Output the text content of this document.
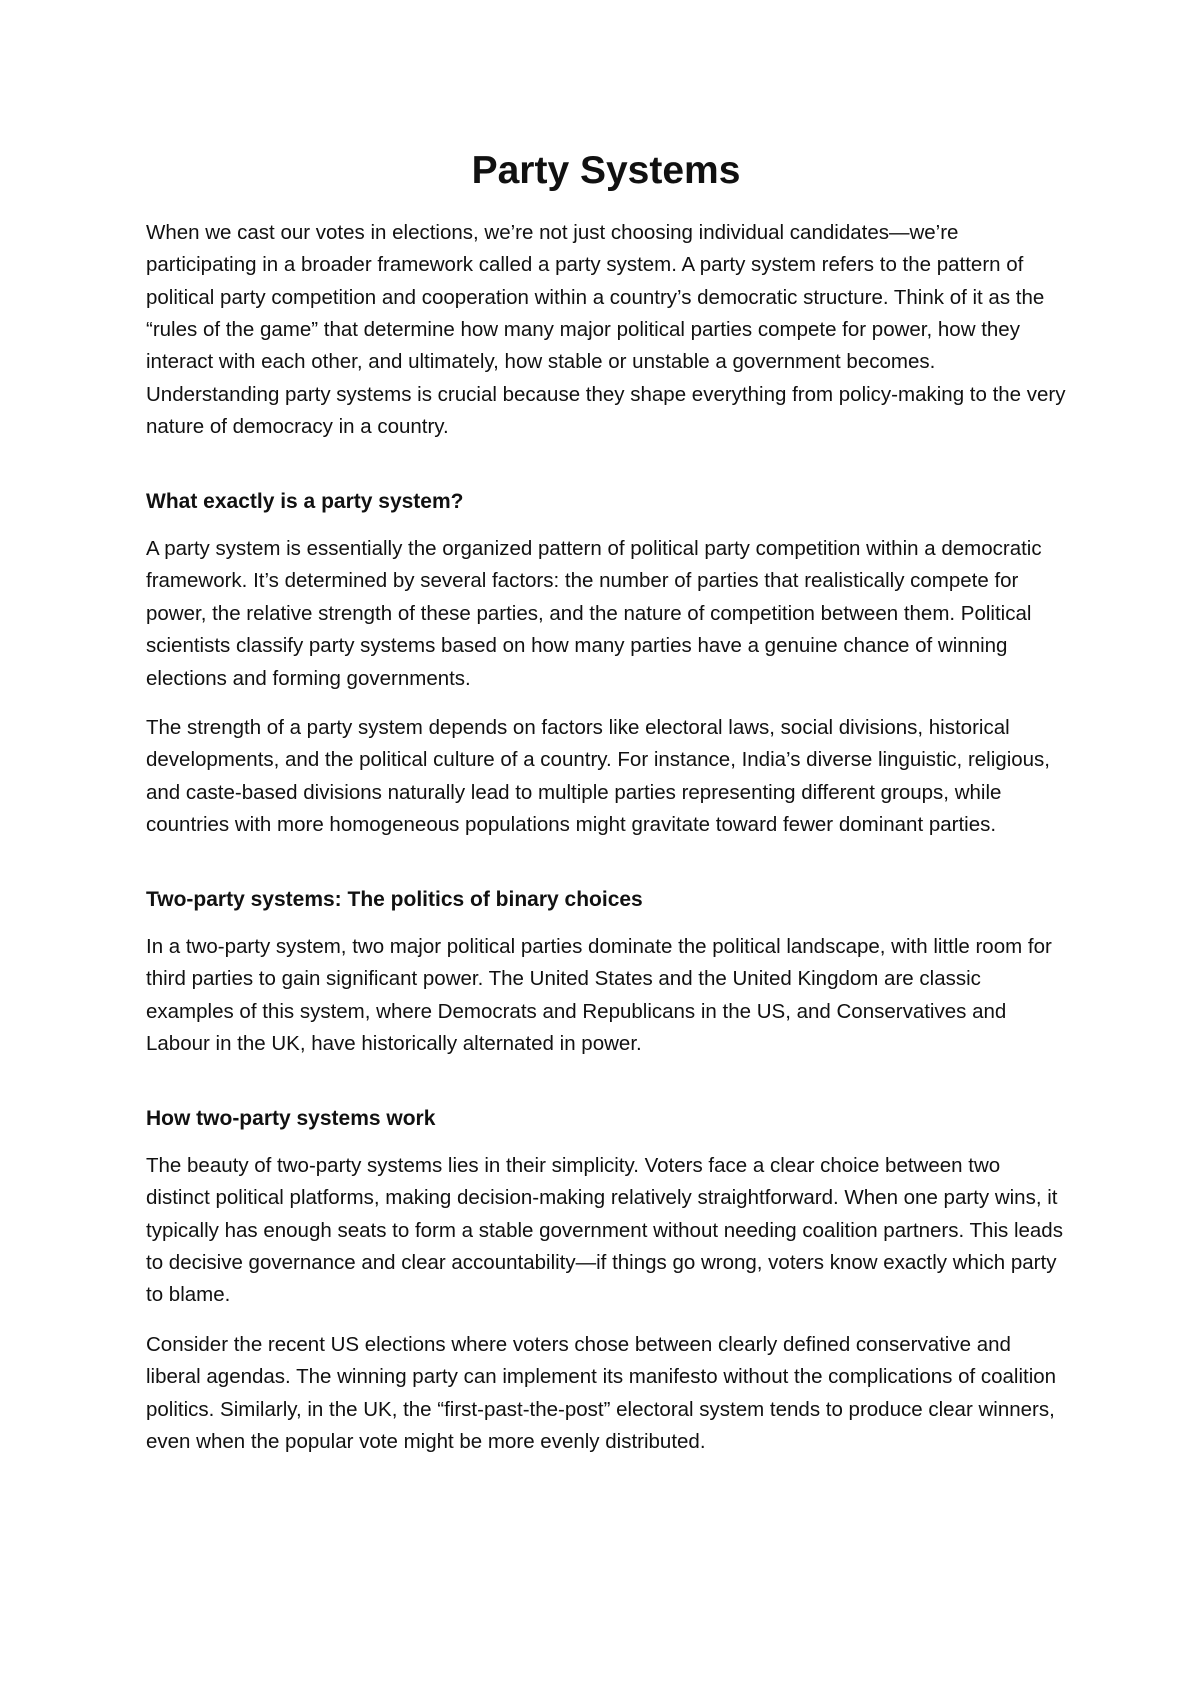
Party Systems

When we cast our votes in elections, we’re not just choosing individual candidates—we’re participating in a broader framework called a party system. A party system refers to the pattern of political party competition and cooperation within a country’s democratic structure. Think of it as the “rules of the game” that determine how many major political parties compete for power, how they interact with each other, and ultimately, how stable or unstable a government becomes. Understanding party systems is crucial because they shape everything from policy-making to the very nature of democracy in a country.

What exactly is a party system?

A party system is essentially the organized pattern of political party competition within a democratic framework. It’s determined by several factors: the number of parties that realistically compete for power, the relative strength of these parties, and the nature of competition between them. Political scientists classify party systems based on how many parties have a genuine chance of winning elections and forming governments.

The strength of a party system depends on factors like electoral laws, social divisions, historical developments, and the political culture of a country. For instance, India’s diverse linguistic, religious, and caste-based divisions naturally lead to multiple parties representing different groups, while countries with more homogeneous populations might gravitate toward fewer dominant parties.

Two-party systems: The politics of binary choices

In a two-party system, two major political parties dominate the political landscape, with little room for third parties to gain significant power. The United States and the United Kingdom are classic examples of this system, where Democrats and Republicans in the US, and Conservatives and Labour in the UK, have historically alternated in power.

How two-party systems work

The beauty of two-party systems lies in their simplicity. Voters face a clear choice between two distinct political platforms, making decision-making relatively straightforward. When one party wins, it typically has enough seats to form a stable government without needing coalition partners. This leads to decisive governance and clear accountability—if things go wrong, voters know exactly which party to blame.

Consider the recent US elections where voters chose between clearly defined conservative and liberal agendas. The winning party can implement its manifesto without the complications of coalition politics. Similarly, in the UK, the “first-past-the-post” electoral system tends to produce clear winners, even when the popular vote might be more evenly distributed.
